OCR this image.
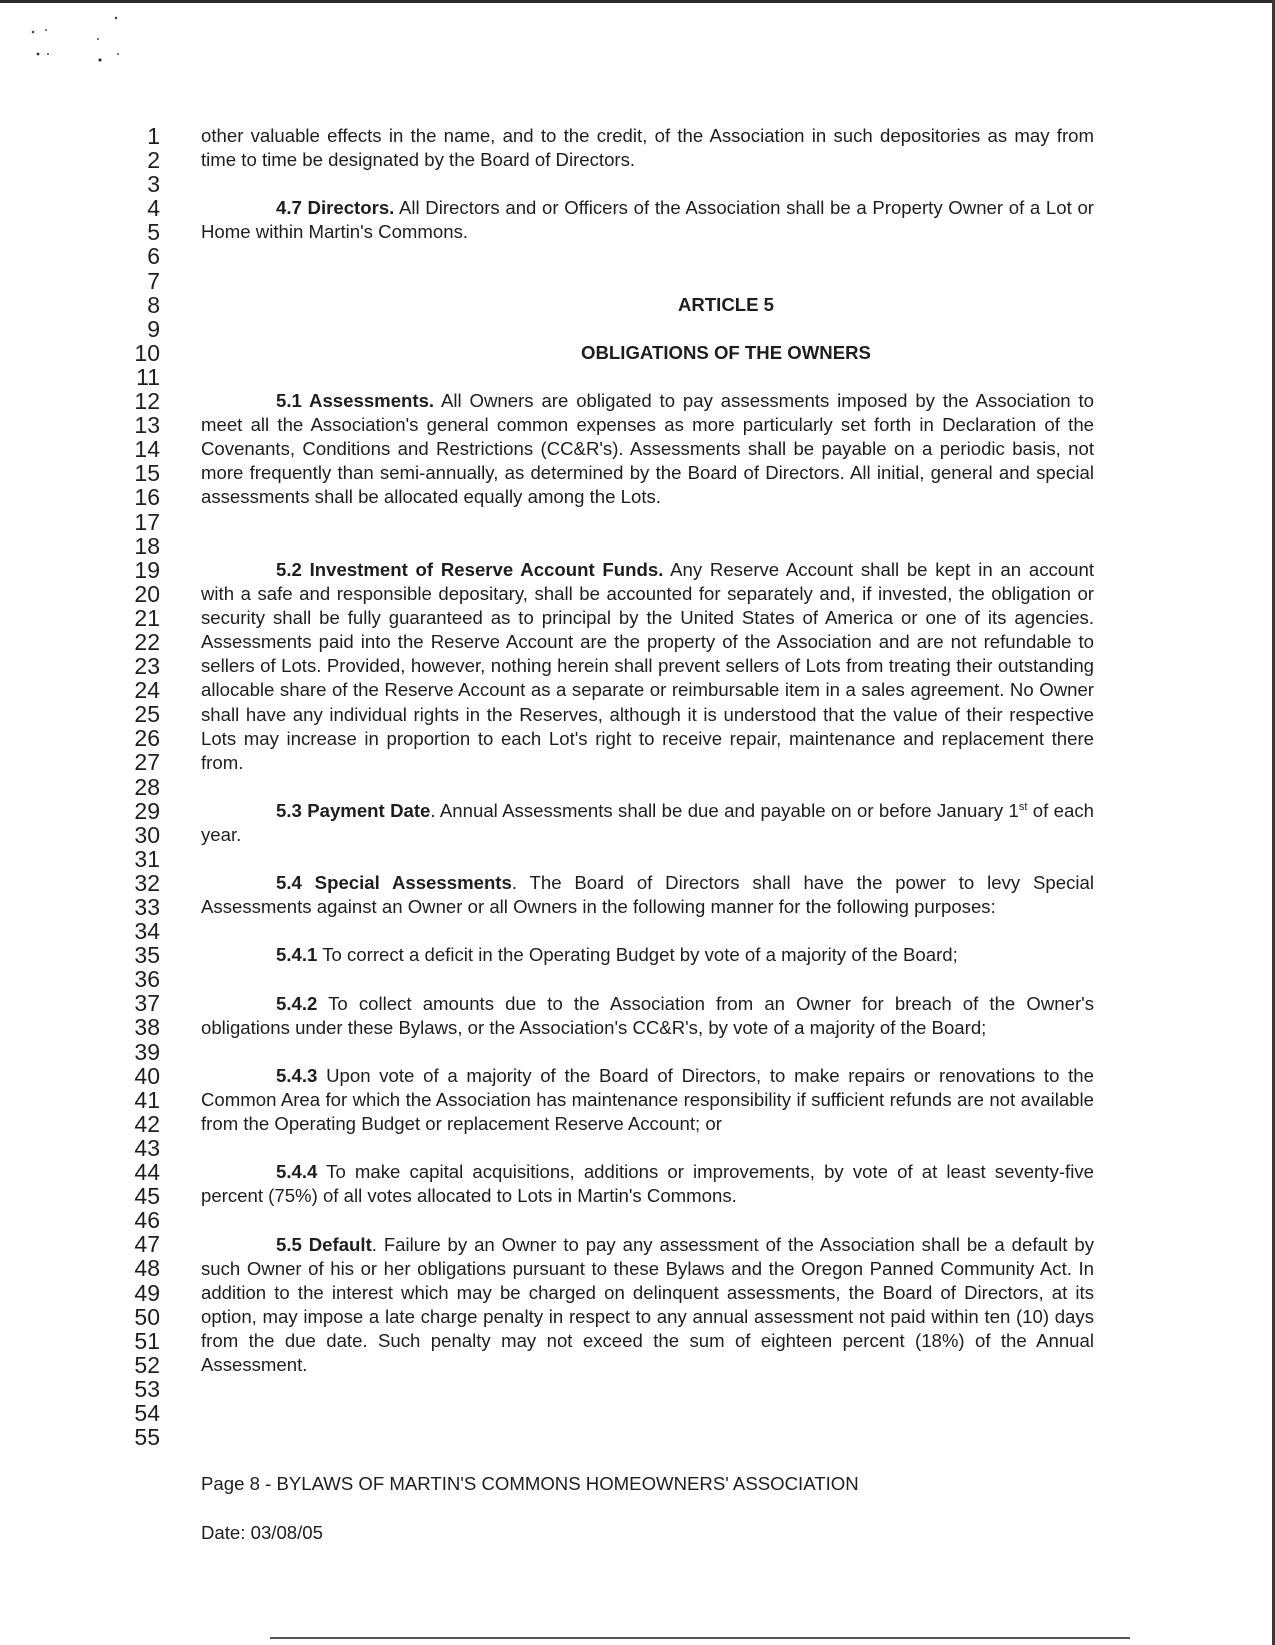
1
2
3
4
5
6
7
8
9
10
11
12
13
14
15
16
17
18
19
20
21
22
23
24
25
26
27
28
29
30
31
32
33
34
35
36
37
38
39
40
41
42
43
44
45
46
47
48
49
50
51
52
53
54
55

other valuable effects in the name, and to the credit, of the Association in such depositories as may from time to time be designated by the Board of Directors.

4.7 Directors. All Directors and or Officers of the Association shall be a Property Owner of a Lot or Home within Martin's Commons.

ARTICLE 5
OBLIGATIONS OF THE OWNERS

5.1 Assessments. All Owners are obligated to pay assessments imposed by the Association to meet all the Association's general common expenses as more particularly set forth in Declaration of the Covenants, Conditions and Restrictions (CC&R's). Assessments shall be payable on a periodic basis, not more frequently than semi-annually, as determined by the Board of Directors. All initial, general and special assessments shall be allocated equally among the Lots.

5.2 Investment of Reserve Account Funds. Any Reserve Account shall be kept in an account with a safe and responsible depositary, shall be accounted for separately and, if invested, the obligation or security shall be fully guaranteed as to principal by the United States of America or one of its agencies. Assessments paid into the Reserve Account are the property of the Association and are not refundable to sellers of Lots. Provided, however, nothing herein shall prevent sellers of Lots from treating their outstanding allocable share of the Reserve Account as a separate or reimbursable item in a sales agreement. No Owner shall have any individual rights in the Reserves, although it is understood that the value of their respective Lots may increase in proportion to each Lot's right to receive repair, maintenance and replacement there from.

5.3 Payment Date. Annual Assessments shall be due and payable on or before January 1st of each year.

5.4 Special Assessments. The Board of Directors shall have the power to levy Special Assessments against an Owner or all Owners in the following manner for the following purposes:

5.4.1 To correct a deficit in the Operating Budget by vote of a majority of the Board;

5.4.2 To collect amounts due to the Association from an Owner for breach of the Owner's obligations under these Bylaws, or the Association's CC&R's, by vote of a majority of the Board;

5.4.3 Upon vote of a majority of the Board of Directors, to make repairs or renovations to the Common Area for which the Association has maintenance responsibility if sufficient refunds are not available from the Operating Budget or replacement Reserve Account; or

5.4.4 To make capital acquisitions, additions or improvements, by vote of at least seventy-five percent (75%) of all votes allocated to Lots in Martin's Commons.

5.5 Default. Failure by an Owner to pay any assessment of the Association shall be a default by such Owner of his or her obligations pursuant to these Bylaws and the Oregon Panned Community Act. In addition to the interest which may be charged on delinquent assessments, the Board of Directors, at its option, may impose a late charge penalty in respect to any annual assessment not paid within ten (10) days from the due date. Such penalty may not exceed the sum of eighteen percent (18%) of the Annual Assessment.

Page 8 - BYLAWS OF MARTIN'S COMMONS HOMEOWNERS' ASSOCIATION

Date: 03/08/05
